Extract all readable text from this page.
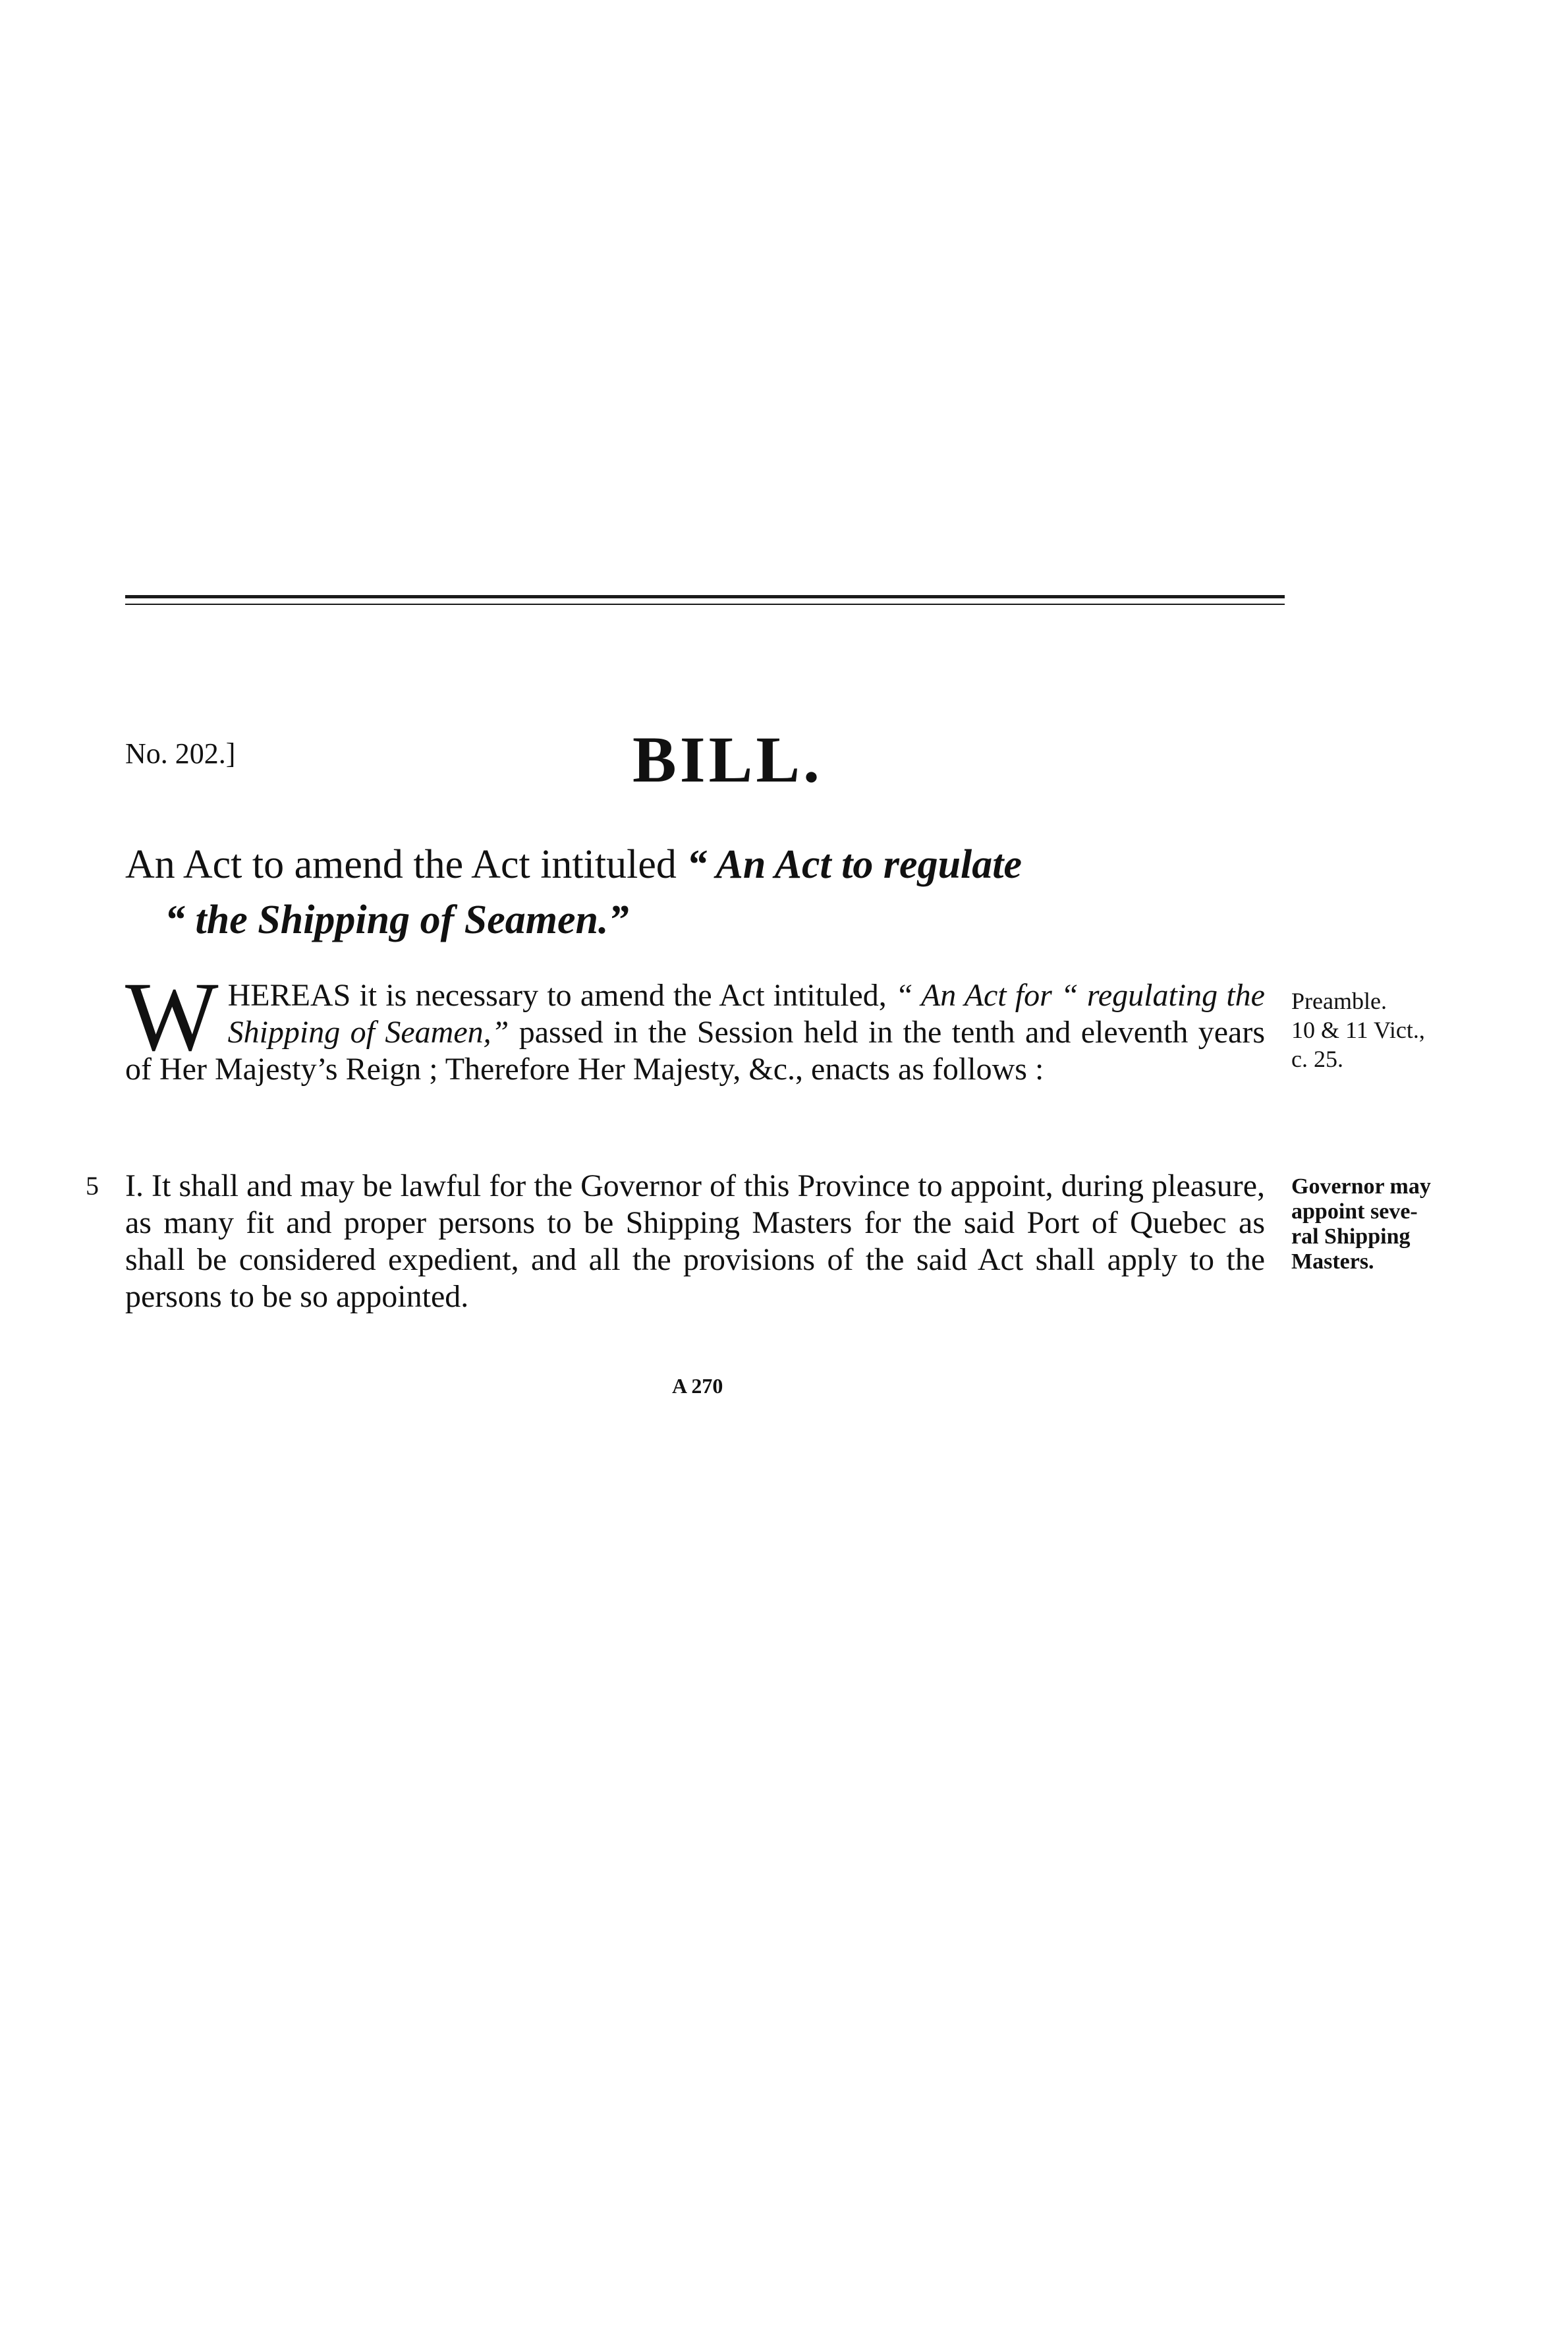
No. 202.]	BILL.
An Act to amend the Act intituled “ An Act to regulate
“ the Shipping of Seamen.”
W HEREAS it is necessary to amend the Act intituled, “ An Act for “ regulating the Shipping of Seamen,” passed in the Session held in the tenth and eleventh years of Her Majesty’s Reign ; Therefore Her Majesty, &c., enacts as follows :
5 I. It shall and may be lawful for the Governor of this Province to appoint, during pleasure, as many fit and proper persons to be Shipping Masters for the said Port of Quebec as shall be considered expedient, and all the provisions of the said Act shall apply to the persons to be so appointed.
Preamble.
10 & 11 Vict.,
c. 25.
Governor may
appoint seve-
ral Shipping
Masters.
A 270
